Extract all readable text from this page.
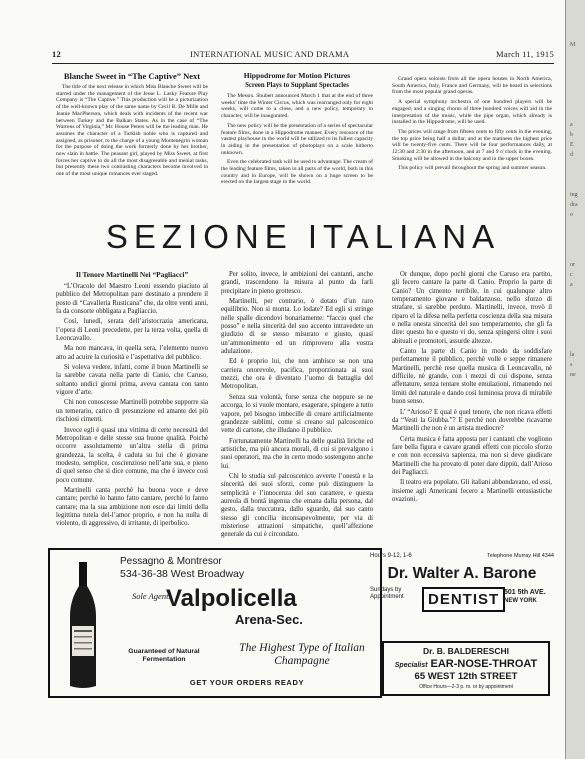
12	INTERNATIONAL MUSIC AND DRAMA	March 11, 1915
Blanche Sweet in “The Captive” Next

The title of the next release in which Miss Blanche Sweet will be starred under the management of the Jesse L. Lasky Feature Play Company is “The Captive.” This production will be a picturization of the well-known play of the same name by Cecil B. De Mille and Jeanie MacPherson, which deals with incidents of the recent war between Turkey and the Balkan States. As in the case of “The Warrens of Virginia,” Mr. House Peters will be the leading man. He assumes the character of a Turkish noble who is captured and assigned, as prisoner, to the charge of a young Montenegrin woman for the purpose of doing the work formerly done by her brother, now slain in battle. The peasant girl, played by Miss Sweet, at first forces her captive to do all the most disagreeable and menial tasks, but presently these two contrasting characters become involved in one of the most unique romances ever staged.

Hippodrome for Motion Pictures
Screen Plays to Supplant Spectacles

The Messrs. Shubert announced March 1 that at the end of three weeks’ time the Winter Circus, which was rearranged only for eight weeks, will come to a close, and a new policy, temporary in character, will be inaugurated.

The new policy will be the presentation of a series of spectacular feature films, done in a Hippodrome manner. Every resource of the vastest playhouse in the world will be utilized to its fullest capacity in aiding in the presentation of photoplays on a scale hitherto unknown.

Even the celebrated tank will be used to advantage. The cream of the leading feature films, taken in all parts of the world, both in this country and in Europe, will be shown on a huge screen to be erected on the largest stage in the world.

Grand opera soloists from all the opera houses in North America, South America, Italy, France and Germany, will be heard in selections from the most popular grand operas.

A special symphony orchestra of one hundred players will be engaged, and a singing chorus of three hundred voices will aid in the interpretation of the music, while the pipe organ, which already is installed in the Hippodrome, will be used.

The prices will range from fifteen cents to fifty cents in the evening, the top price being half a dollar, and at the matinees the highest price will be twenty-five cents. There will be four performances daily, at 12:30 and 2:30 in the afternoon, and at 7 and 9 o’clock in the evening. Smoking will be allowed in the balcony and in the upper boxes.

This policy will prevail throughout the spring and summer season.

SEZIONE ITALIANA
Il Tenore Martinelli Nei “Pagliacci”

“L’Oracolo del Maestro Leoni essendo piaciuto al pubblico del Metropolitan pare destinato a prendere il posto di “Cavalleria Rusticana” che, da oltre venti anni, fa da consorte obbligata a Pagliaccio.

Così, lunedì, serata dell’aristocrazia americana, l’opera di Leoni precedette, per la terza volta, quella di Leoncavallo.

Ma non mancava, in quella sera, l’elemento nuovo atto ad acuire la curiosità e l’aspettativa del pubblico.

Si voleva vedere, infatti, come il buon Martinelli se la sarebbe cavata nella parte di Canio, che Caruso, soltanto undici giorni prima, aveva cantata con tanto vigore d’arte.

Chi non conoscesse Martinelli potrebbe supporre sia un temerario, carico di presunzione ed amante dei più rischiosi cimenti.

Invece egli è quasi una vittima di certe necessità del Metropolitan e delle stesse sua buone qualità. Poichè occorre assolutamente un’altra stella di prima grandezza, la scelta, è caduta su lui che è giovane modesto, semplice, coscienzioso nell’arte sua, e pieno di quel senso che si dice comune, ma che è invece così poco comune.

Martinelli canta perchè ha buona voce e deve cantare; perchè lo hanno fatto cantare, perchè lo fanno cantare; ma la sua ambizione non esce dai limiti della legittima tutela del-l’amor proprio, e non ha nulla di violento, di aggressivo, di irritante, di iperbolico.

Per solito, invece, le ambizioni dei cantanti, anche grandi, trascendono la misura al punto da farli precipitare in pieno grottesco.

Martinelli, per contrario, è dotato d’un raro equilibrio. Non si monta. Lo lodate? Ed egli si stringe nelle spalle dicendovi bonariamente: “faccio quel che posso” e nella sincerità del suo accento intravedete un giudizio di se stesso misurato e giusto, quasi un’ammonimento ed un rimprovero alla vostra adulazione.

Ed è proprio lui, che non ambisce se non una carriera onorevole, pacifica, proporzionata ai suoi mezzi, che ora è diventato l’uomo di battaglia del Metropolitan.

Senza sua volontà, forse senza che neppure se ne accorga, lo si vuole montare, esagerare, spingere a tutto vapore, pel bisogno imbecille di creare artificialmente grandezze sublimi, come si creano sul palcoscenico vette di cartone, che illudano il pubblico.

Fortunatamente Martinelli ha delle qualità liriche ed artistiche, ma più ancora morali, di cui si prevalgono i suoi operatori, ma che in certo modo sostengono anche lui.

Chi lo studia sul palcoscenico avverte l’onestà e la sincerità dei suoi sforzi, come può distinguere la semplicità e l’innocenza del suo carattere, e questa aureola di bontà ingenua che emana dalla persona, dal gesto, dalla truccatura, dallo sguardo, dal suo canto stesso gli concilia inconsapevolmente, per via di misteriose attrazioni simpatiche, quell’affezione generale da cui è circondato.

Or dunque, dopo pochi giorni che Caruso era partito, gli fecero cantare la parte di Canio. Proprio la parte di Canio? Un cimento terribile, in cui qualunque altro temperamento giovane e baldanzoso, nello sforzo di strafare, si sarebbe perduto. Martinelli, invece, trovò il riparo el la difesa nella perfetta coscienza della sua misura e nella onesta sincerità del suo temperamento, che gli fa dire: questo ho e questo vi do, senza spingersi oltre i suoi abituali e promotori, assurde altezze.

Canto la parte di Canio in modo da soddisfare perfettamente il pubblico, perchè volle e seppe rimanere Martinelli, perchè rese quella musica di Leoncavallo, nè difficile, nè grande, con i mezzi di cui dispone, senza affettature, senza tentare stolte emulazioni, rimanendo nei limiti del naturale e dando così luminosa prova di mirabile buon senso.

L’ “Arioso? E qual è quel tenore, che non ricava effetti da “Vesti la Giubba.”? E perchè non dovrebbe ricavarne Martinelli che non è un artista mediocre?

Certa musica è fatta apposta per i cantanti che vogliono fare bella figura e cavare grandi effetti con piccolo sforzo e con non eccessiva sapienza, ma non si deve giudicare Martinelli che ha provato di poter dare dippiù, dall’Arioso dei Pagliacci.

Il teatro era popolato. Gli italiani abbondavano, ed essi, insieme agli Americani fecero a Martinelli entusiastiche ovazioni.

Pessagno & Montresor
534-36-38 West Broadway
Sole Agents
Valpolicella
Arena-Sec.
Guaranteed of Natural Fermentation
The Highest Type of Italian Champagne
GET YOUR ORDERS READY
Hours 9-12, 1-6	Telephone Murray Hill 4344
Dr. Walter A. Barone
Sundays by Appointment	DENTIST 501 5th AVE.
NEW YORK
Dr. B. BALDERESCHI
Specialist EAR-NOSE-THROAT
65 WEST 12th STREET
Office Hours—2-3 p. m. or by appointment
M
a
b
E
d
ing
dra
o
or
c
a
la
s
ne
